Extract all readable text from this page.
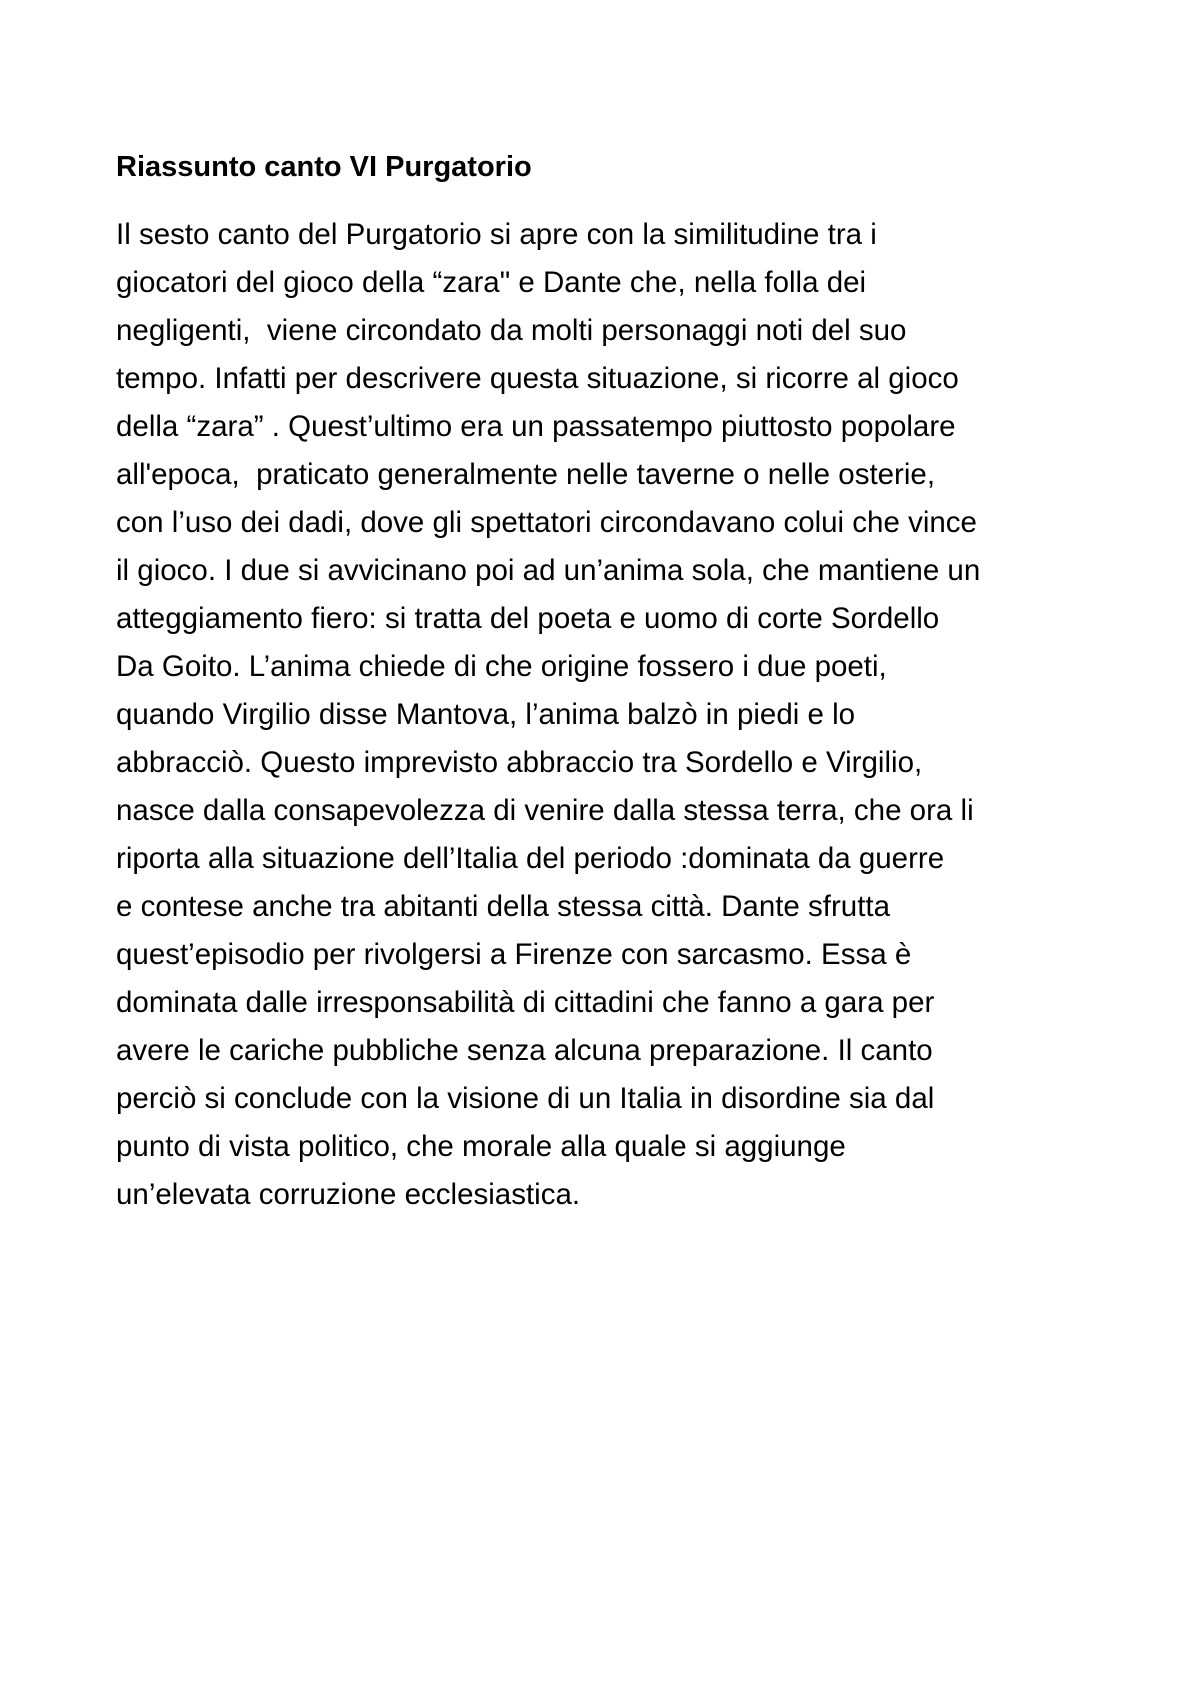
Riassunto canto VI Purgatorio
Il sesto canto del Purgatorio si apre con la similitudine tra i
giocatori del gioco della “zara" e Dante che, nella folla dei
negligenti,  viene circondato da molti personaggi noti del suo
tempo. Infatti per descrivere questa situazione, si ricorre al gioco
della “zara” . Quest’ultimo era un passatempo piuttosto popolare
all'epoca,  praticato generalmente nelle taverne o nelle osterie,
con l’uso dei dadi, dove gli spettatori circondavano colui che vince
il gioco. I due si avvicinano poi ad un’anima sola, che mantiene un
atteggiamento fiero: si tratta del poeta e uomo di corte Sordello
Da Goito. L’anima chiede di che origine fossero i due poeti,
quando Virgilio disse Mantova, l’anima balzò in piedi e lo
abbracciò. Questo imprevisto abbraccio tra Sordello e Virgilio,
nasce dalla consapevolezza di venire dalla stessa terra, che ora li
riporta alla situazione dell’Italia del periodo :dominata da guerre
e contese anche tra abitanti della stessa città. Dante sfrutta
quest’episodio per rivolgersi a Firenze con sarcasmo. Essa è
dominata dalle irresponsabilità di cittadini che fanno a gara per
avere le cariche pubbliche senza alcuna preparazione. Il canto
perciò si conclude con la visione di un Italia in disordine sia dal
punto di vista politico, che morale alla quale si aggiunge
un’elevata corruzione ecclesiastica.
